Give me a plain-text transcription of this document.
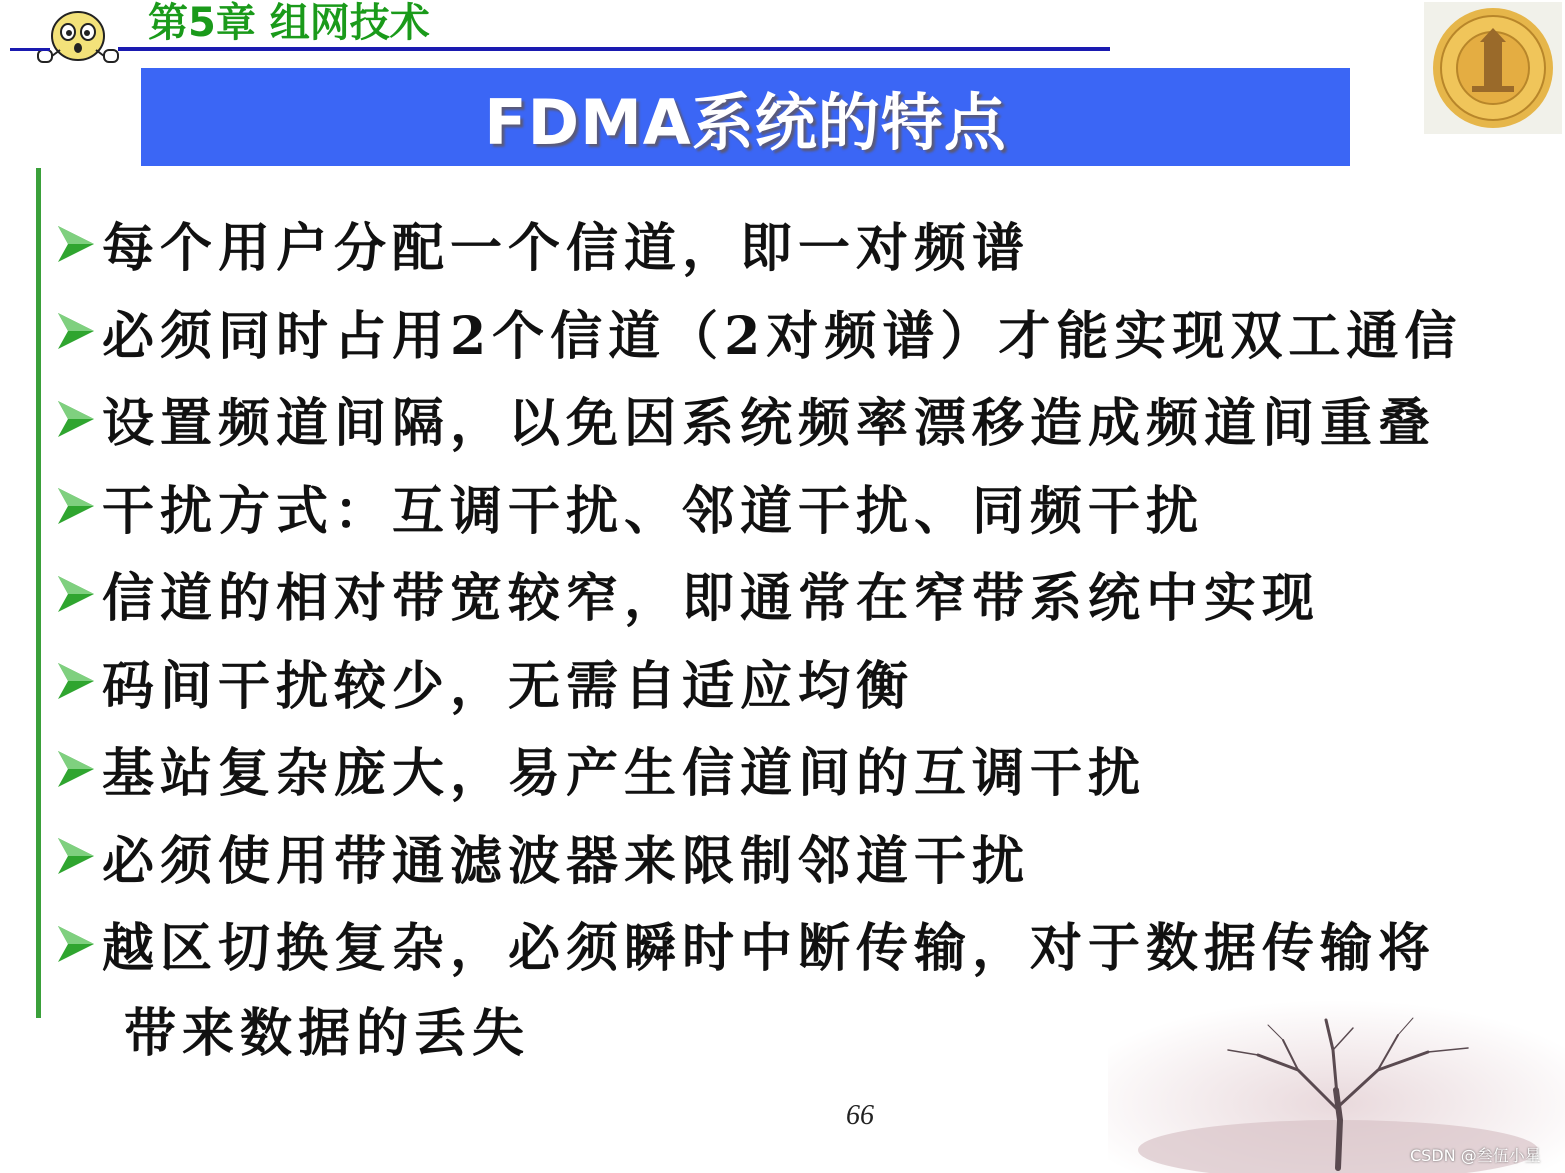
第5章 组网技术
FDMA系统的特点
每个用户分配一个信道，即一对频谱
必须同时占用2个信道（2对频谱）才能实现双工通信
设置频道间隔，以免因系统频率漂移造成频道间重叠
干扰方式：互调干扰、邻道干扰、同频干扰
信道的相对带宽较窄，即通常在窄带系统中实现
码间干扰较少，无需自适应均衡
基站复杂庞大，易产生信道间的互调干扰
必须使用带通滤波器来限制邻道干扰
越区切换复杂，必须瞬时中断传输，对于数据传输将
带来数据的丢失
66
CSDN @叁伍小星
